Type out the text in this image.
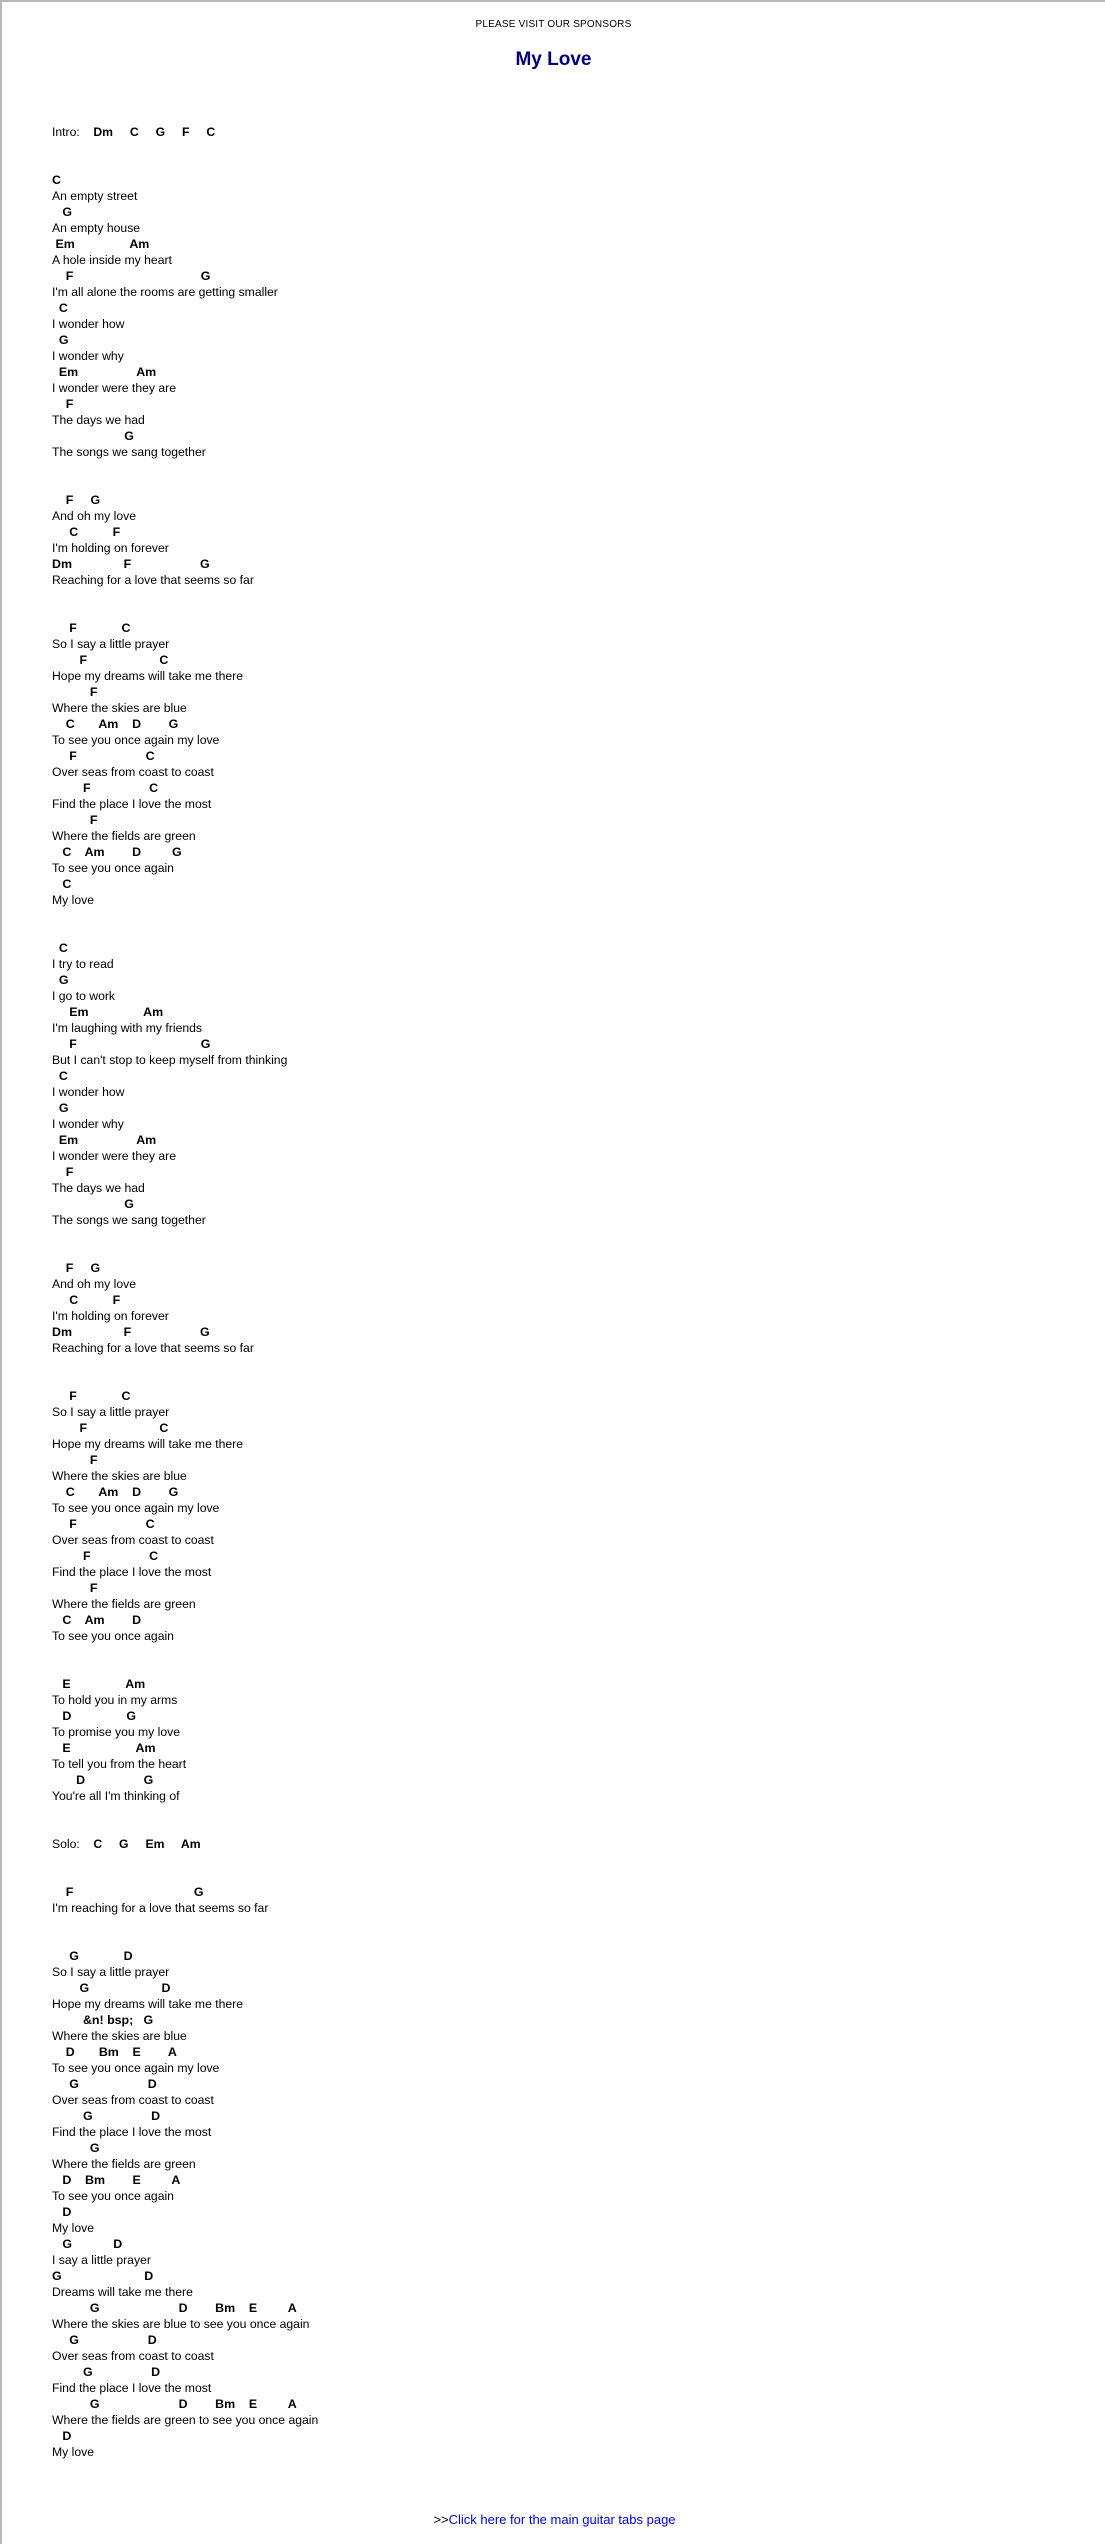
PLEASE VISIT OUR SPONSORS
My Love
Intro:    Dm     C     G     F     C
C
An empty street
G
An empty house
Em                Am
A hole inside my heart
F                                     G
I'm all alone the rooms are getting smaller
C
I wonder how
G
I wonder why
Em                 Am
I wonder were they are
F
The days we had
G
The songs we sang together
F     G
And oh my love
C          F
I'm holding on forever
Dm               F                    G
Reaching for a love that seems so far
F             C
So I say a little prayer
F                     C
Hope my dreams will take me there
F
Where the skies are blue
C       Am    D        G
To see you once again my love
F                    C
Over seas from coast to coast
F                 C
Find the place I love the most
F
Where the fields are green
C    Am        D         G
To see you once again
C
My love
C
I try to read
G
I go to work
Em                Am
I'm laughing with my friends
F                                    G
But I can't stop to keep myself from thinking
C
I wonder how
G
I wonder why
Em                 Am
I wonder were they are
F
The days we had
G
The songs we sang together
F     G
And oh my love
C          F
I'm holding on forever
Dm               F                    G
Reaching for a love that seems so far
F             C
So I say a little prayer
F                     C
Hope my dreams will take me there
F
Where the skies are blue
C       Am    D        G
To see you once again my love
F                    C
Over seas from coast to coast
F                 C
Find the place I love the most
F
Where the fields are green
C    Am        D
To see you once again
E                Am
To hold you in my arms
D                G
To promise you my love
E                   Am
To tell you from the heart
D                 G
You're all I'm thinking of
Solo:    C     G     Em     Am
F                                   G
I'm reaching for a love that seems so far
G             D
So I say a little prayer
G                     D
Hope my dreams will take me there
&n! bsp;   G
Where the skies are blue
D       Bm    E        A
To see you once again my love
G                    D
Over seas from coast to coast
G                 D
Find the place I love the most
G
Where the fields are green
D    Bm        E         A
To see you once again
D
My love
G            D
I say a little prayer
G                        D
Dreams will take me there
G                       D        Bm    E         A
Where the skies are blue to see you once again
G                    D
Over seas from coast to coast
G                 D
Find the place I love the most
G                       D        Bm    E         A
Where the fields are green to see you once again
D
My love
>>Click here for the main guitar tabs page
